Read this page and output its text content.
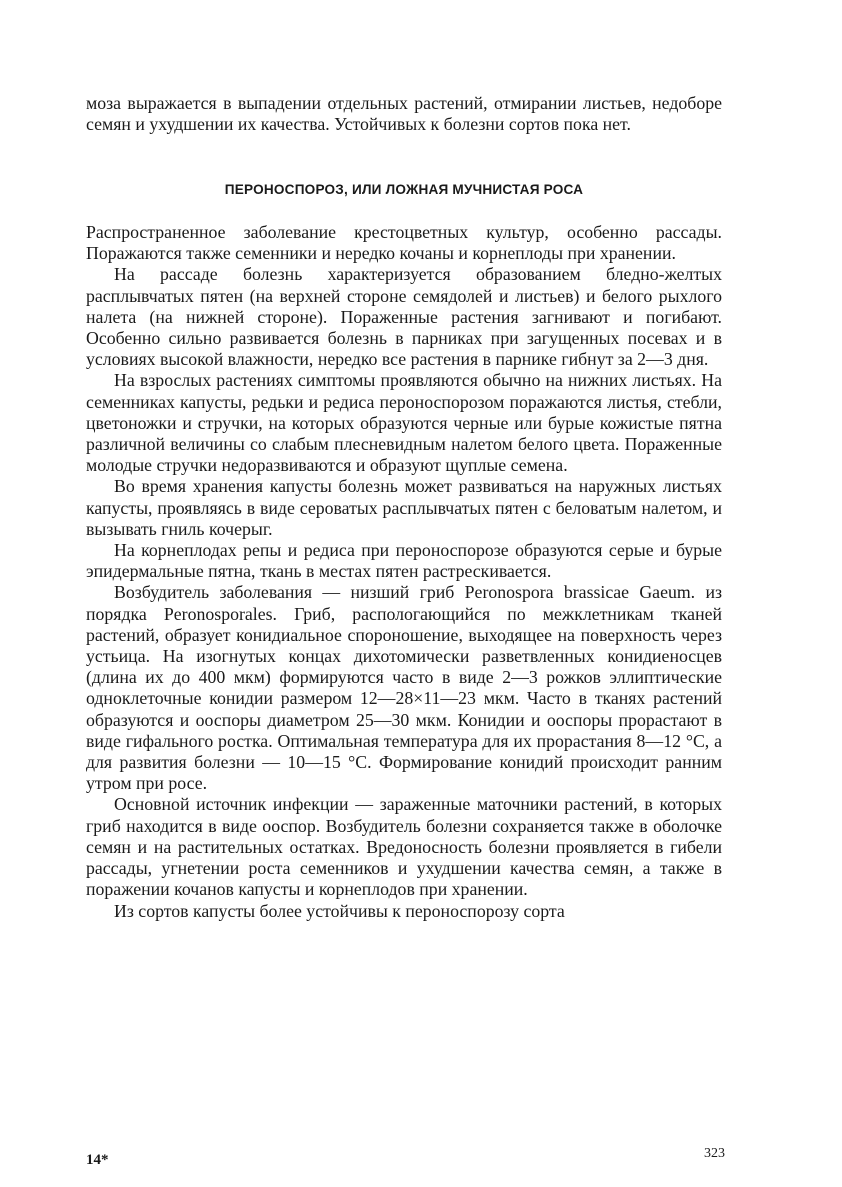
моза выражается в выпадении отдельных растений, отмирании листьев, недоборе семян и ухудшении их качества. Устойчивых к болезни сортов пока нет.

ПЕРОНОСПОРОЗ, ИЛИ ЛОЖНАЯ МУЧНИСТАЯ РОСА

Распространенное заболевание крестоцветных культур, особенно рассады. Поражаются также семенники и нередко кочаны и корнеплоды при хранении.

На рассаде болезнь характеризуется образованием бледно-желтых расплывчатых пятен (на верхней стороне семядолей и листьев) и белого рыхлого налета (на нижней стороне). Пораженные растения загнивают и погибают. Особенно сильно развивается болезнь в парниках при загущенных посевах и в условиях высокой влажности, нередко все растения в парнике гибнут за 2—3 дня.

На взрослых растениях симптомы проявляются обычно на нижних листьях. На семенниках капусты, редьки и редиса пероноспорозом поражаются листья, стебли, цветоножки и стручки, на которых образуются черные или бурые кожистые пятна различной величины со слабым плесневидным налетом белого цвета. Пораженные молодые стручки недоразвиваются и образуют щуплые семена.

Во время хранения капусты болезнь может развиваться на наружных листьях капусты, проявляясь в виде сероватых расплывчатых пятен с беловатым налетом, и вызывать гниль кочерыг.

На корнеплодах репы и редиса при пероноспорозе образуются серые и бурые эпидермальные пятна, ткань в местах пятен растрескивается.

Возбудитель заболевания — низший гриб Peronospora brassicae Gaeum. из порядка Peronosporales. Гриб, распологающийся по межклетникам тканей растений, образует конидиальное спороношение, выходящее на поверхность через устьица. На изогнутых концах дихотомически разветвленных конидиеносцев (длина их до 400 мкм) формируются часто в виде 2—3 рожков эллиптические одноклеточные конидии размером 12—28×11—23 мкм. Часто в тканях растений образуются и ооспоры диаметром 25—30 мкм. Конидии и ооспоры прорастают в виде гифального ростка. Оптимальная температура для их прорастания 8—12 °C, а для развития болезни — 10—15 °C. Формирование конидий происходит ранним утром при росе.

Основной источник инфекции — зараженные маточники растений, в которых гриб находится в виде ооспор. Возбудитель болезни сохраняется также в оболочке семян и на растительных остатках. Вредоносность болезни проявляется в гибели рассады, угнетении роста семенников и ухудшении качества семян, а также в поражении кочанов капусты и корнеплодов при хранении.

Из сортов капусты более устойчивы к пероноспорозу сорта

14*	323
